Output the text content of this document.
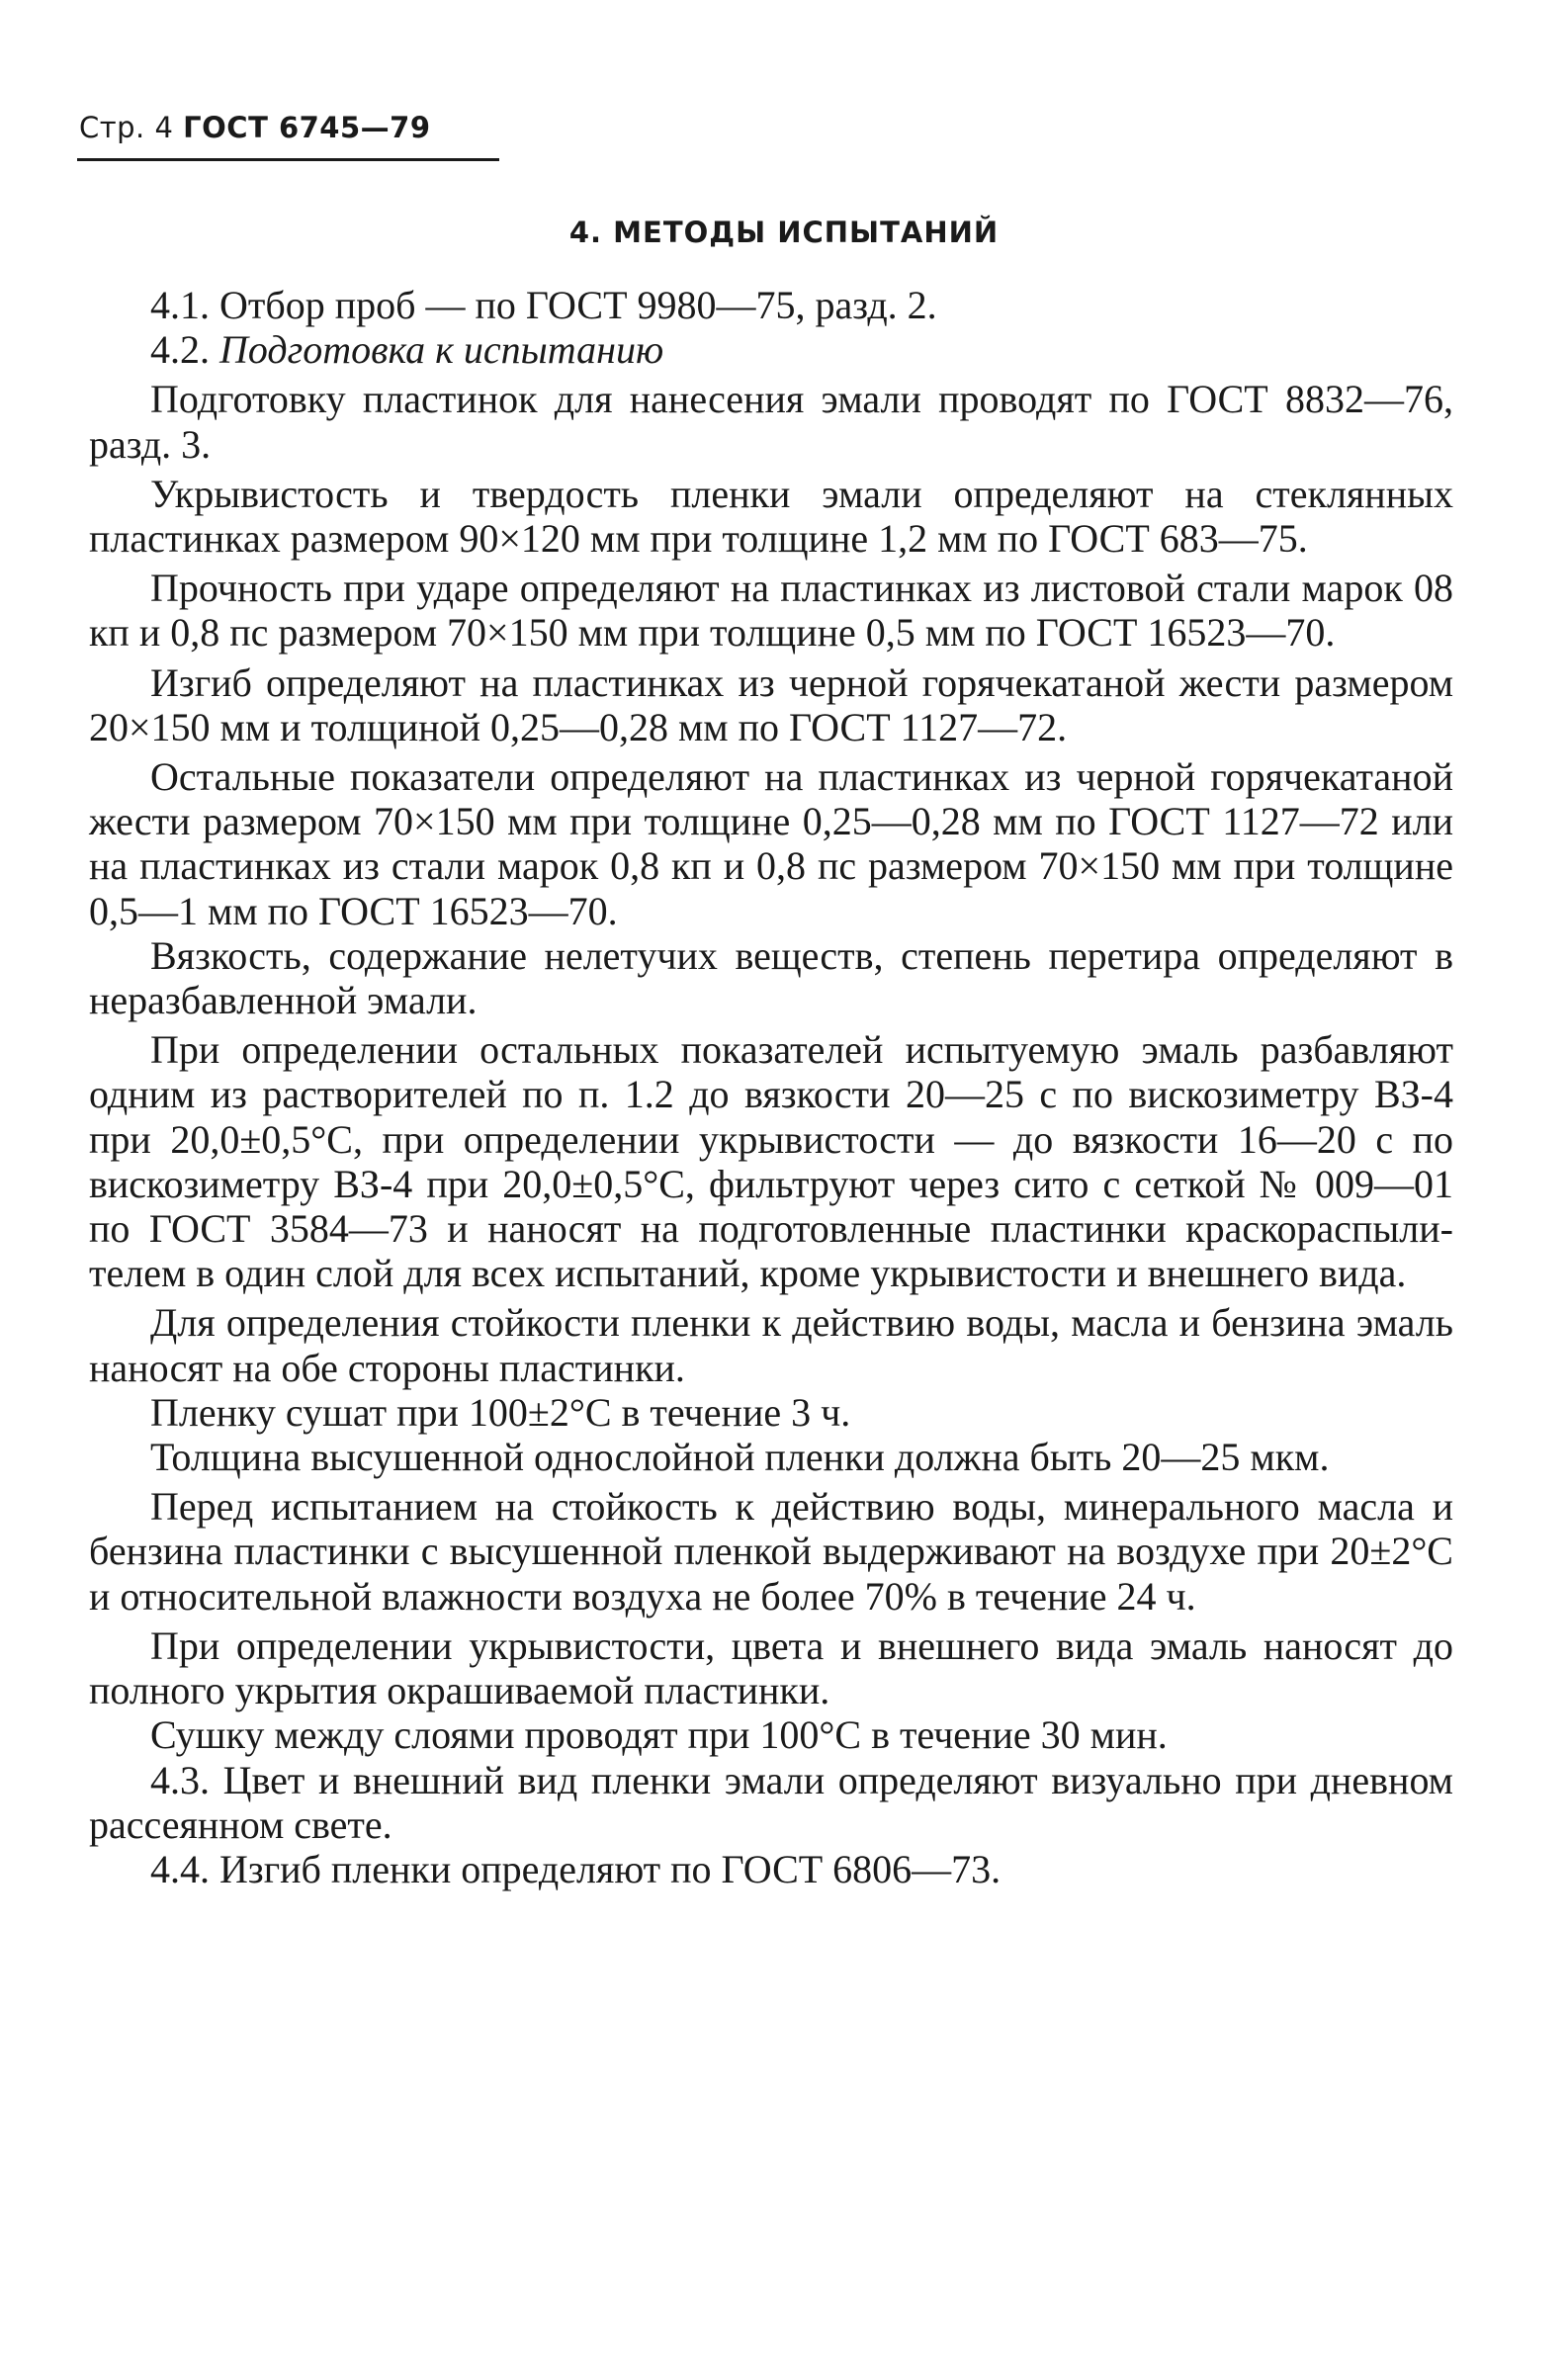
Стр. 4 ГОСТ 6745—79
4. МЕТОДЫ ИСПЫТАНИЙ

4.1. Отбор проб — по ГОСТ 9980—75, разд. 2.

4.2. Подготовка к испытанию

Подготовку пластинок для нанесения эмали проводят по ГОСТ 8832—76, разд. 3.

Укрывистость и твердость пленки эмали определяют на стеклянных пластинках размером 90×120 мм при толщине 1,2 мм по ГОСТ 683—75.

Прочность при ударе определяют на пластинках из листовой стали марок 08 кп и 0,8 пс размером 70×150 мм при толщине 0,5 мм по ГОСТ 16523—70.

Изгиб определяют на пластинках из черной горячекатаной жести размером 20×150 мм и толщиной 0,25—0,28 мм по ГОСТ 1127—72.

Остальные показатели определяют на пластинках из черной горячекатаной жести размером 70×150 мм при толщине 0,25—0,28 мм по ГОСТ 1127—72 или на пластинках из стали марок 0,8 кп и 0,8 пс размером 70×150 мм при толщине 0,5—1 мм по ГОСТ 16523—70.

Вязкость, содержание нелетучих веществ, степень перетира определяют в неразбавленной эмали.

При определении остальных показателей испытуемую эмаль разбавляют одним из растворителей по п. 1.2 до вязкости 20—25 с по вискозиметру ВЗ-4 при 20,0±0,5°С, при определении укрывистости — до вязкости 16—20 с по вискозиметру ВЗ-4 при 20,0±0,5°С, фильтруют через сито с сеткой № 009—01 по ГОСТ 3584—73 и наносят на подготовленные пластинки краскораспылителем в один слой для всех испытаний, кроме укрывистости и внешнего вида.

Для определения стойкости пленки к действию воды, масла и бензина эмаль наносят на обе стороны пластинки.

Пленку сушат при 100±2°С в течение 3 ч.

Толщина высушенной однослойной пленки должна быть 20—25 мкм.

Перед испытанием на стойкость к действию воды, минерального масла и бензина пластинки с высушенной пленкой выдерживают на воздухе при 20±2°С и относительной влажности воздуха не более 70% в течение 24 ч.

При определении укрывистости, цвета и внешнего вида эмаль наносят до полного укрытия окрашиваемой пластинки.

Сушку между слоями проводят при 100°С в течение 30 мин.

4.3. Цвет и внешний вид пленки эмали определяют визуально при дневном рассеянном свете.

4.4. Изгиб пленки определяют по ГОСТ 6806—73.
